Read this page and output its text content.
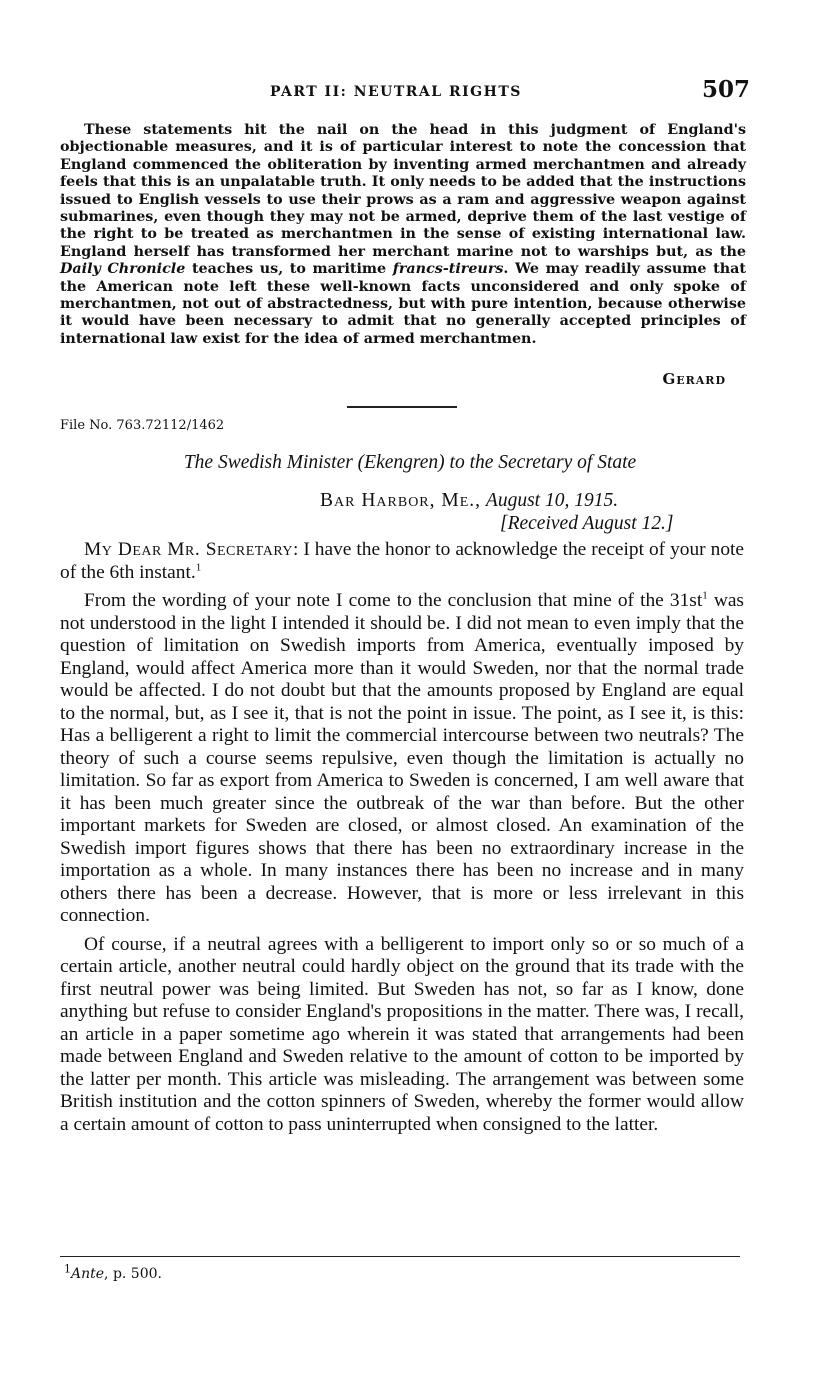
PART II: NEUTRAL RIGHTS	507
These statements hit the nail on the head in this judgment of England's objectionable measures, and it is of particular interest to note the concession that England commenced the obliteration by inventing armed merchantmen and already feels that this is an unpalatable truth. It only needs to be added that the instructions issued to English vessels to use their prows as a ram and aggressive weapon against submarines, even though they may not be armed, deprive them of the last vestige of the right to be treated as merchantmen in the sense of existing international law. England herself has transformed her merchant marine not to warships but, as the Daily Chronicle teaches us, to maritime francs-tireurs. We may readily assume that the American note left these well-known facts unconsidered and only spoke of merchantmen, not out of abstractedness, but with pure intention, because otherwise it would have been necessary to admit that no generally accepted principles of international law exist for the idea of armed merchantmen.
Gerard
File No. 763.72112/1462
The Swedish Minister (Ekengren) to the Secretary of State
Bar Harbor, Me., August 10, 1915.
[Received August 12.]

My Dear Mr. Secretary: I have the honor to acknowledge the receipt of your note of the 6th instant.$^1$

From the wording of your note I come to the conclusion that mine of the $31st^1$ was not understood in the light I intended it should be. I did not mean to even imply that the question of limitation on Swedish imports from America, eventually imposed by England, would affect America more than it would Sweden, nor that the normal trade would be affected. I do not doubt but that the amounts proposed by England are equal to the normal, but, as I see it, that is not the point in issue. The point, as I see it, is this: Has a belligerent a right to limit the commercial intercourse between two neutrals? The theory of such a course seems repulsive, even though the limitation is actually no limitation. So far as export from America to Sweden is concerned, I am well aware that it has been much greater since the outbreak of the war than before. But the other important markets for Sweden are closed, or almost closed. An examination of the Swedish import figures shows that there has been no extraordinary increase in the importation as a whole. In many instances there has been no increase and in many others there has been a decrease. However, that is more or less irrelevant in this connection.

Of course, if a neutral agrees with a belligerent to import only so or so much of a certain article, another neutral could hardly object on the ground that its trade with the first neutral power was being limited. But Sweden has not, so far as I know, done anything but refuse to consider England's propositions in the matter. There was, I recall, an article in a paper sometime ago wherein it was stated that arrangements had been made between England and Sweden relative to the amount of cotton to be imported by the latter per month. This article was misleading. The arrangement was between some British institution and the cotton spinners of Sweden, whereby the former would allow a certain amount of cotton to pass uninterrupted when consigned to the latter.

$^1$Ante, p. 500.
